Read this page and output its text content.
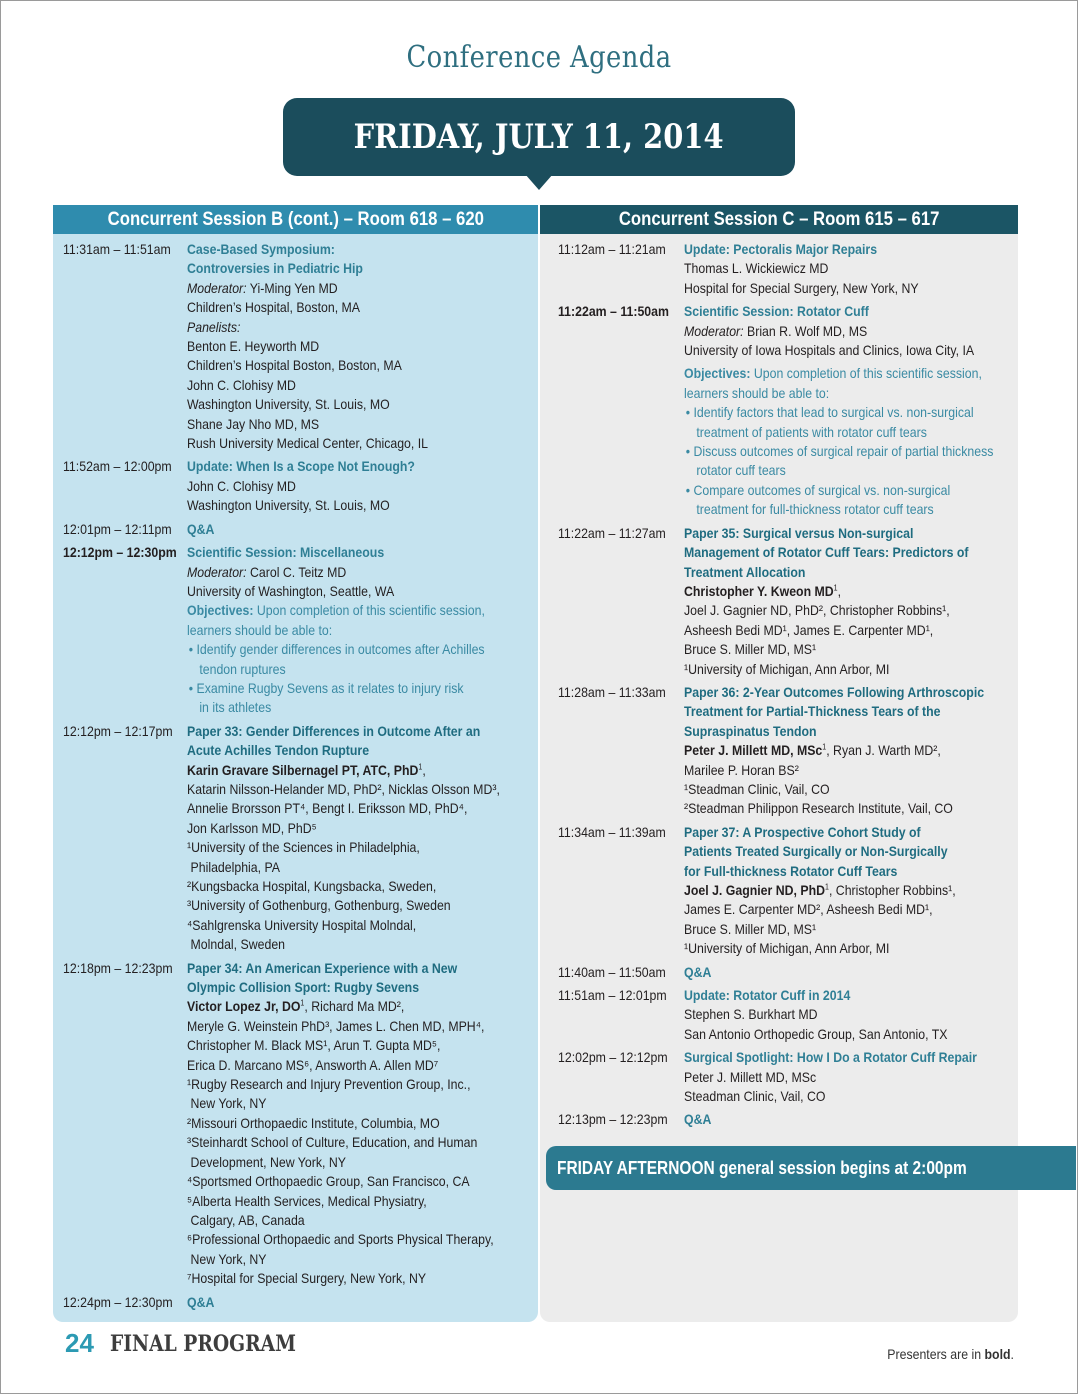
Conference Agenda
FRIDAY, JULY 11, 2014
Concurrent Session B (cont.) – Room 618 – 620
11:31am – 11:51am Case-Based Symposium:
Controversies in Pediatric Hip
Moderator: Yi-Ming Yen MD
Children’s Hospital, Boston, MA
Panelists:
Benton E. Heyworth MD
Children’s Hospital Boston, Boston, MA
John C. Clohisy MD
Washington University, St. Louis, MO
Shane Jay Nho MD, MS
Rush University Medical Center, Chicago, IL
11:52am – 12:00pm Update: When Is a Scope Not Enough?
John C. Clohisy MD
Washington University, St. Louis, MO
12:01pm – 12:11pm Q&A
12:12pm – 12:30pm Scientific Session: Miscellaneous
Moderator: Carol C. Teitz MD
University of Washington, Seattle, WA
Objectives: Upon completion of this scientific session,
learners should be able to:
• Identify gender differences in outcomes after Achilles
tendon ruptures
• Examine Rugby Sevens as it relates to injury risk
in its athletes
12:12pm – 12:17pm Paper 33: Gender Differences in Outcome After an
Acute Achilles Tendon Rupture
Karin Gravare Silbernagel PT, ATC, PhD$^1$,
Katarin Nilsson-Helander MD, PhD², Nicklas Olsson MD³,
Annelie Brorsson PT⁴, Bengt I. Eriksson MD, PhD⁴,
Jon Karlsson MD, PhD⁵
¹University of the Sciences in Philadelphia,
Philadelphia, PA
²Kungsbacka Hospital, Kungsbacka, Sweden,
³University of Gothenburg, Gothenburg, Sweden
⁴Sahlgrenska University Hospital Molndal,
Molndal, Sweden
12:18pm – 12:23pm Paper 34: An American Experience with a New
Olympic Collision Sport: Rugby Sevens
Victor Lopez Jr, $DO^1$, Richard Ma MD²,
Meryle G. Weinstein PhD³, James L. Chen MD, MPH⁴,
Christopher M. Black MS¹, Arun T. Gupta MD⁵,
Erica D. Marcano MS⁶, Answorth A. Allen MD⁷
¹Rugby Research and Injury Prevention Group, Inc.,
New York, NY
²Missouri Orthopaedic Institute, Columbia, MO
³Steinhardt School of Culture, Education, and Human
Development, New York, NY
⁴Sportsmed Orthopaedic Group, San Francisco, CA
⁵Alberta Health Services, Medical Physiatry,
Calgary, AB, Canada
⁶Professional Orthopaedic and Sports Physical Therapy,
New York, NY
⁷Hospital for Special Surgery, New York, NY
12:24pm – 12:30pm Q&A
Concurrent Session C – Room 615 – 617
11:12am – 11:21am Update: Pectoralis Major Repairs
Thomas L. Wickiewicz MD
Hospital for Special Surgery, New York, NY
11:22am – 11:50am Scientific Session: Rotator Cuff
Moderator: Brian R. Wolf MD, MS
University of Iowa Hospitals and Clinics, Iowa City, IA
Objectives: Upon completion of this scientific session,
learners should be able to:
• Identify factors that lead to surgical vs. non-surgical
treatment of patients with rotator cuff tears
• Discuss outcomes of surgical repair of partial thickness
rotator cuff tears
• Compare outcomes of surgical vs. non-surgical
treatment for full-thickness rotator cuff tears
11:22am – 11:27am Paper 35: Surgical versus Non-surgical
Management of Rotator Cuff Tears: Predictors of
Treatment Allocation
Christopher Y. Kweon $MD^1$,
Joel J. Gagnier ND, PhD², Christopher Robbins¹,
Asheesh Bedi MD¹, James E. Carpenter MD¹,
Bruce S. Miller MD, MS¹
¹University of Michigan, Ann Arbor, MI
11:28am – 11:33am Paper 36: 2-Year Outcomes Following Arthroscopic
Treatment for Partial-Thickness Tears of the
Supraspinatus Tendon
Peter J. Millett MD, MSc$^1$, Ryan J. Warth MD²,
Marilee P. Horan BS²
¹Steadman Clinic, Vail, CO
²Steadman Philippon Research Institute, Vail, CO
11:34am – 11:39am Paper 37: A Prospective Cohort Study of
Patients Treated Surgically or Non-Surgically
for Full-thickness Rotator Cuff Tears
Joel J. Gagnier ND, PhD$^1$, Christopher Robbins¹,
James E. Carpenter MD², Asheesh Bedi MD¹,
Bruce S. Miller MD, MS¹
¹University of Michigan, Ann Arbor, MI
11:40am – 11:50am Q&A
11:51am – 12:01pm Update: Rotator Cuff in 2014
Stephen S. Burkhart MD
San Antonio Orthopedic Group, San Antonio, TX
12:02pm – 12:12pm Surgical Spotlight: How I Do a Rotator Cuff Repair
Peter J. Millett MD, MSc
Steadman Clinic, Vail, CO
12:13pm – 12:23pm Q&A
FRIDAY AFTERNOON general session begins at 2:00pm
24 FINAL PROGRAM	Presenters are in bold.
